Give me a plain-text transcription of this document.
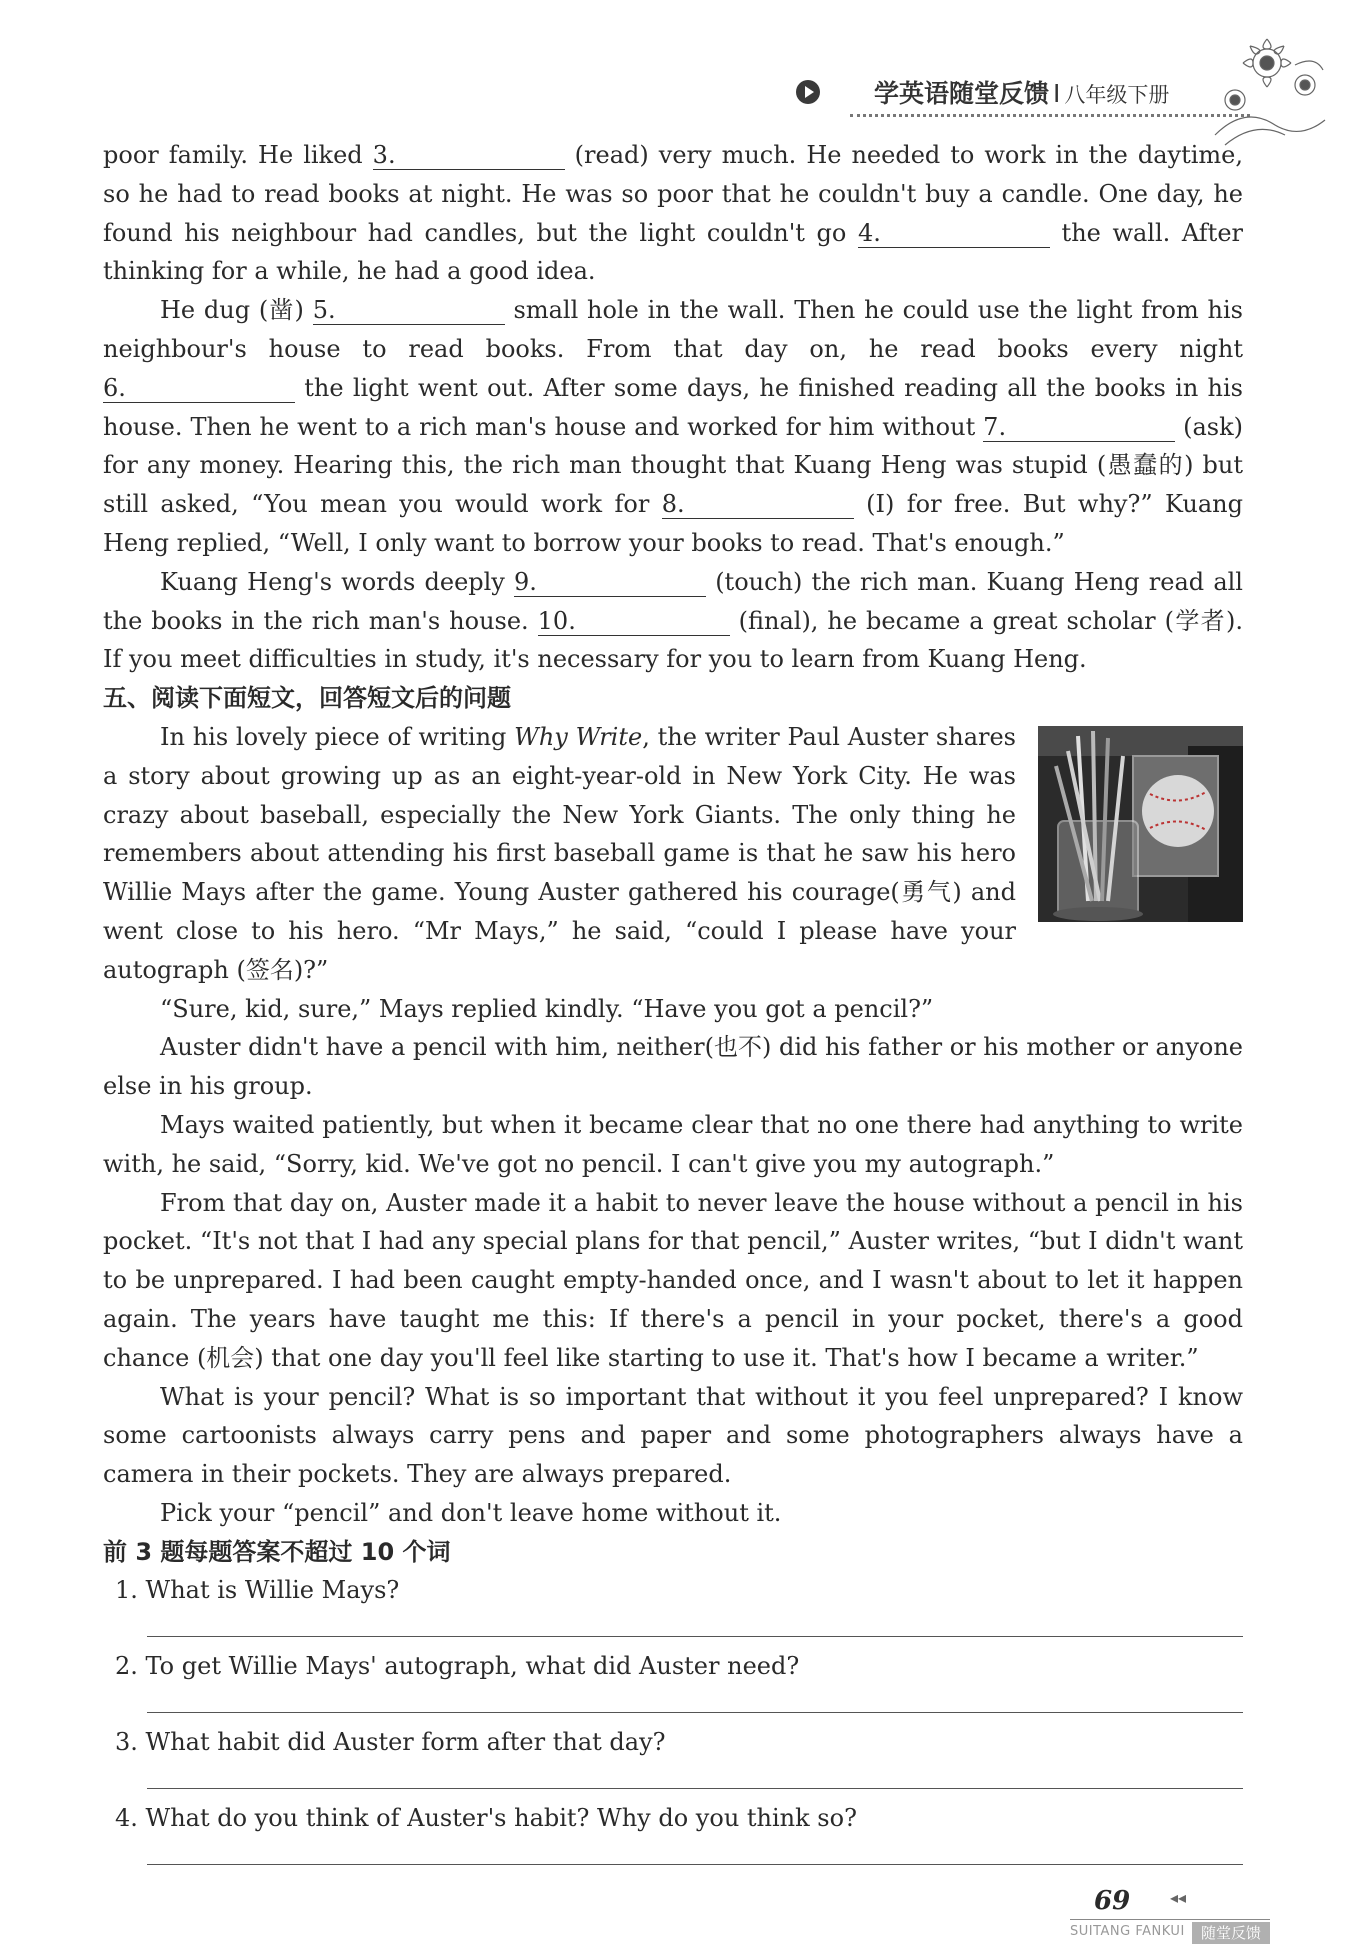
学英语随堂反馈 I 八年级下册

poor family. He liked 3.	(read) very much. He needed to work in the daytime, so he had to read books at night. He was so poor that he couldn't buy a candle. One day, he found his neighbour had candles, but the light couldn't go 4.	the wall. After thinking for a while, he had a good idea.

He dug (凿) 5.	small hole in the wall. Then he could use the light from his neighbour's house to read books. From that day on, he read books every night 6.	the light went out. After some days, he finished reading all the books in his house. Then he went to a rich man's house and worked for him without 7.	(ask) for any money. Hearing this, the rich man thought that Kuang Heng was stupid (愚蠢的) but still asked, “You mean you would work for 8.	(I) for free. But why?” Kuang Heng replied, “Well, I only want to borrow your books to read. That's enough.”

Kuang Heng's words deeply 9.	(touch) the rich man. Kuang Heng read all the books in the rich man's house. 10.	(final), he became a great scholar (学者). If you meet difficulties in study, it's necessary for you to learn from Kuang Heng.

五、阅读下面短文，回答短文后的问题

In his lovely piece of writing Why Write, the writer Paul Auster shares a story about growing up as an eight-year-old in New York City. He was crazy about baseball, especially the New York Giants. The only thing he remembers about attending his first baseball game is that he saw his hero Willie Mays after the game. Young Auster gathered his courage(勇气) and went close to his hero. “Mr Mays,” he said, “could I please have your autograph (签名)?”

“Sure, kid, sure,” Mays replied kindly. “Have you got a pencil?”

Auster didn't have a pencil with him, neither(也不) did his father or his mother or anyone else in his group.

Mays waited patiently, but when it became clear that no one there had anything to write with, he said, “Sorry, kid. We've got no pencil. I can't give you my autograph.”

From that day on, Auster made it a habit to never leave the house without a pencil in his pocket. “It's not that I had any special plans for that pencil,” Auster writes, “but I didn't want to be unprepared. I had been caught empty-handed once, and I wasn't about to let it happen again. The years have taught me this: If there's a pencil in your pocket, there's a good chance (机会) that one day you'll feel like starting to use it. That's how I became a writer.”

What is your pencil? What is so important that without it you feel unprepared? I know some cartoonists always carry pens and paper and some photographers always have a camera in their pockets. They are always prepared.

Pick your “pencil” and don't leave home without it.

前 3 题每题答案不超过 10 个词
1. What is Willie Mays?
2. To get Willie Mays' autograph, what did Auster need?
3. What habit did Auster form after that day?
4. What do you think of Auster's habit? Why do you think so?
69 ◂◂
SUITANG FANKUI	随堂反馈
